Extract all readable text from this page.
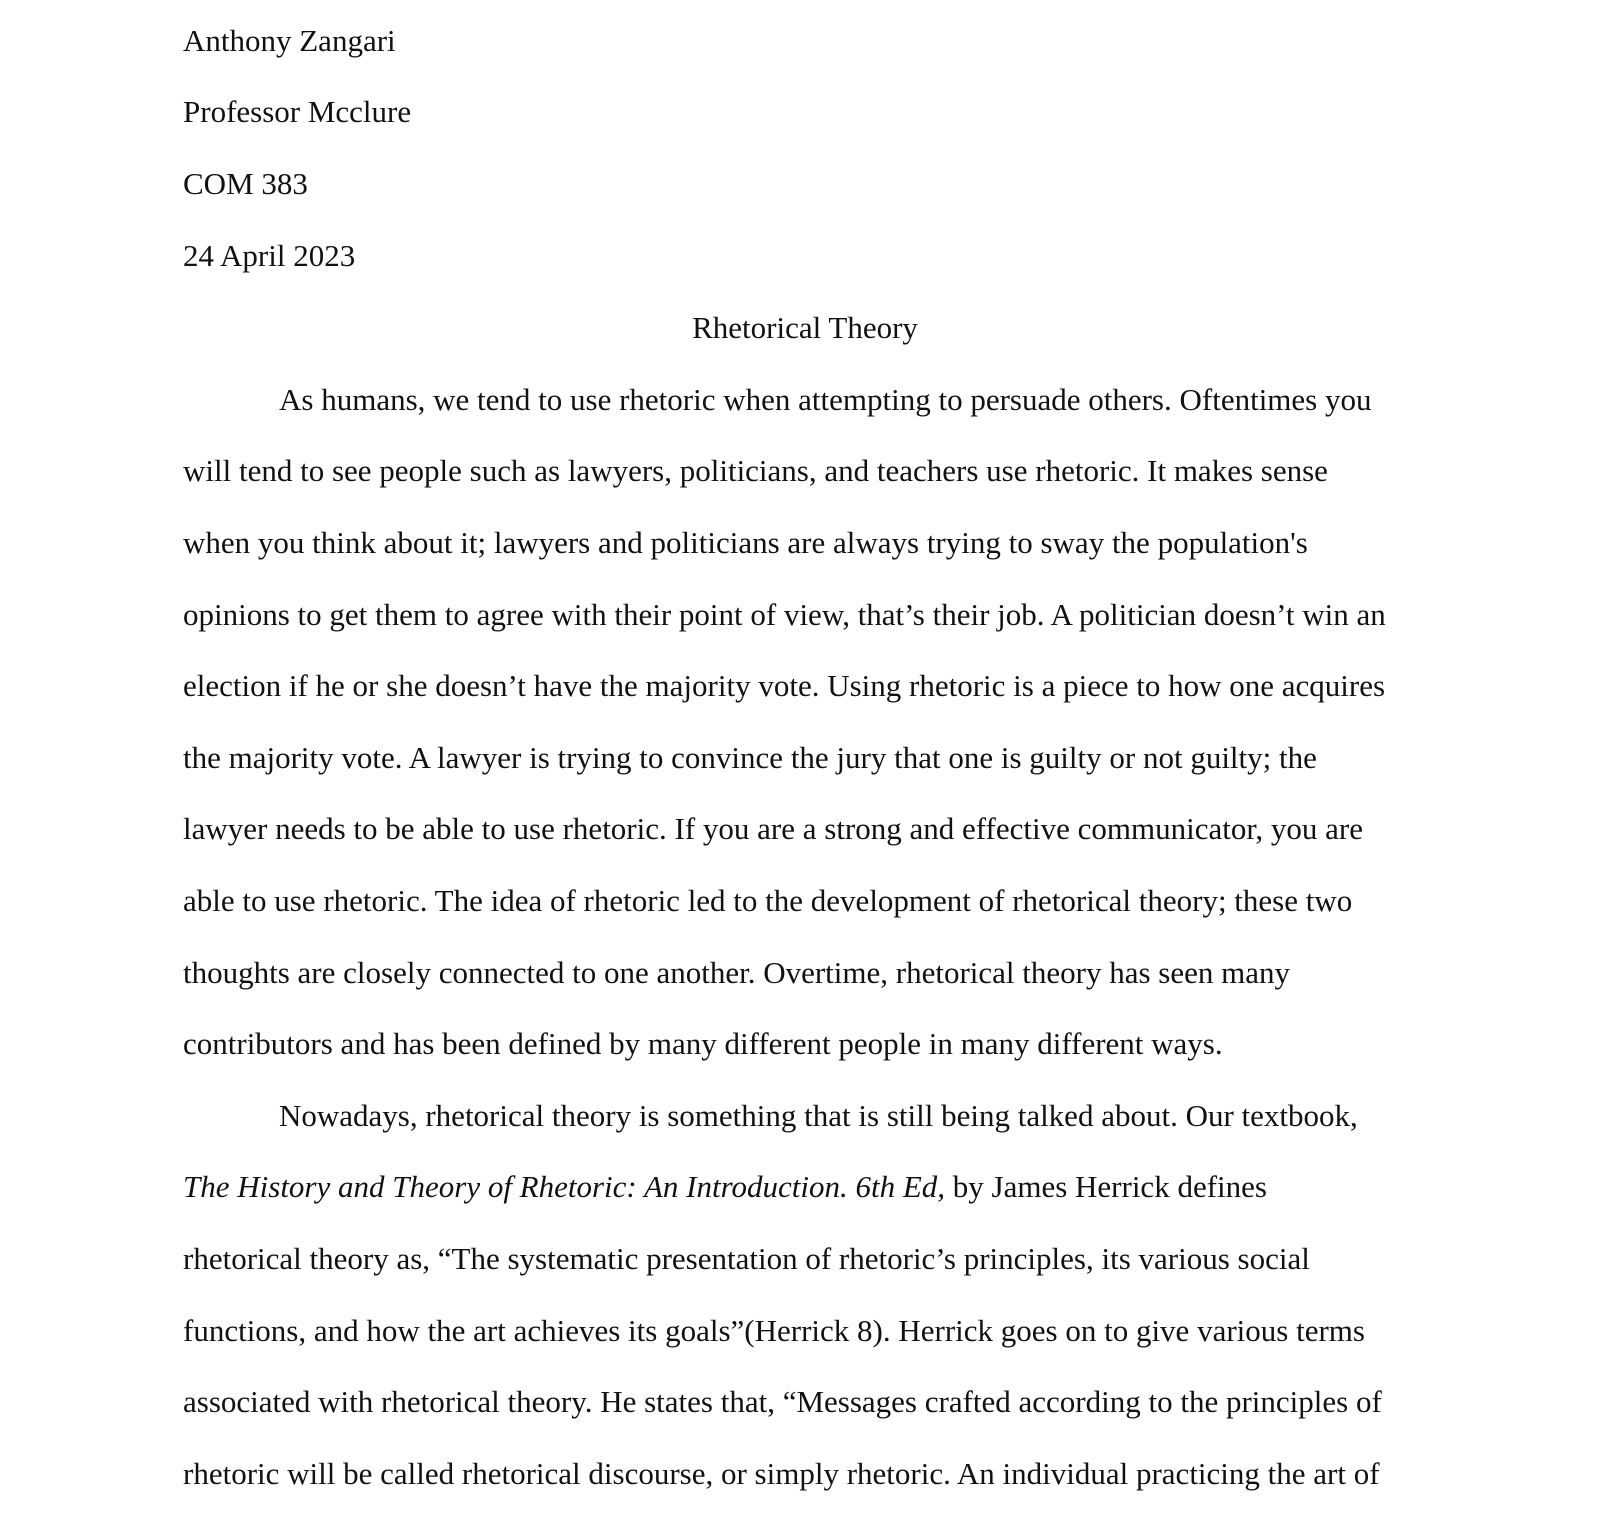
Anthony Zangari
Professor Mcclure
COM 383
24 April 2023
Rhetorical Theory
As humans, we tend to use rhetoric when attempting to persuade others. Oftentimes you
will tend to see people such as lawyers, politicians, and teachers use rhetoric. It makes sense
when you think about it; lawyers and politicians are always trying to sway the population's
opinions to get them to agree with their point of view, that’s their job. A politician doesn’t win an
election if he or she doesn’t have the majority vote. Using rhetoric is a piece to how one acquires
the majority vote. A lawyer is trying to convince the jury that one is guilty or not guilty; the
lawyer needs to be able to use rhetoric. If you are a strong and effective communicator, you are
able to use rhetoric. The idea of rhetoric led to the development of rhetorical theory; these two
thoughts are closely connected to one another. Overtime, rhetorical theory has seen many
contributors and has been defined by many different people in many different ways.
Nowadays, rhetorical theory is something that is still being talked about. Our textbook,
The History and Theory of Rhetoric: An Introduction. 6th Ed, by James Herrick defines
rhetorical theory as, “The systematic presentation of rhetoric’s principles, its various social
functions, and how the art achieves its goals”(Herrick 8). Herrick goes on to give various terms
associated with rhetorical theory. He states that, “Messages crafted according to the principles of
rhetoric will be called rhetorical discourse, or simply rhetoric. An individual practicing the art of
